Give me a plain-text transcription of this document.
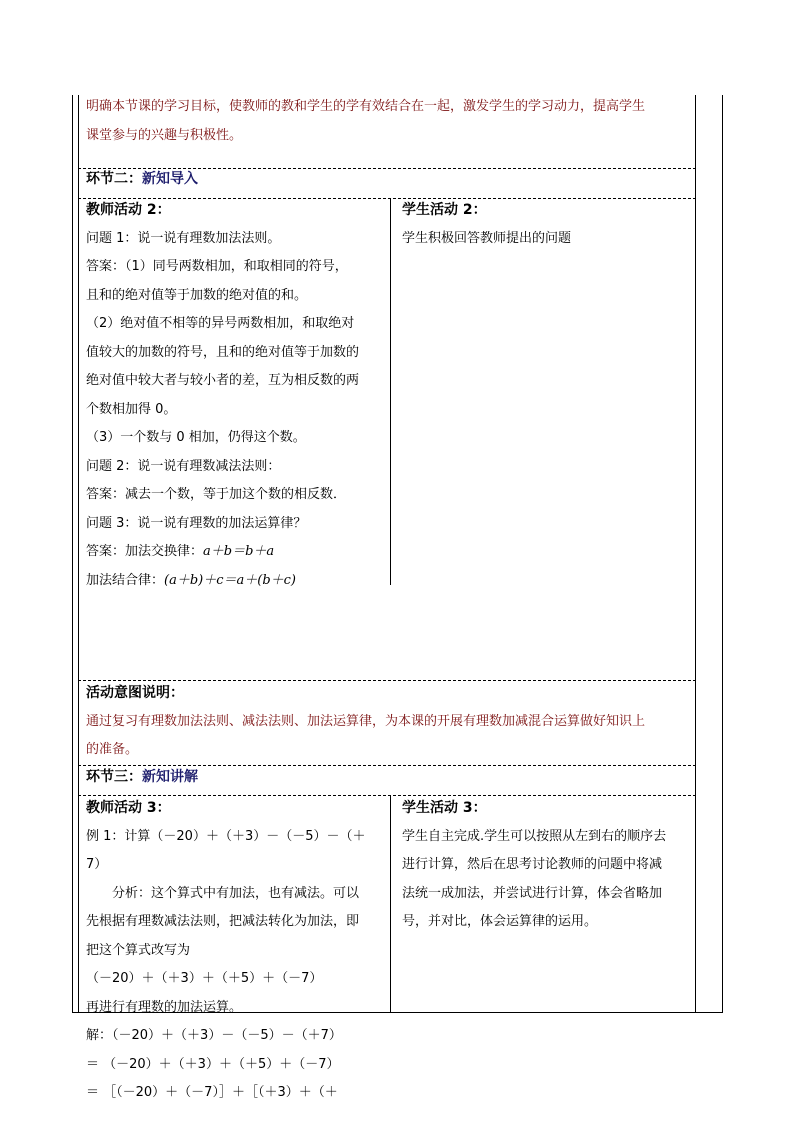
明确本节课的学习目标，使教师的教和学生的学有效结合在一起，激发学生的学习动力，提高学生
课堂参与的兴趣与积极性。
环节二：新知导入
教师活动 2：
问题 1：说一说有理数加法法则。
答案：（1）同号两数相加，和取相同的符号，
且和的绝对值等于加数的绝对值的和。
（2）绝对值不相等的异号两数相加，和取绝对
值较大的加数的符号，且和的绝对值等于加数的
绝对值中较大者与较小者的差，互为相反数的两
个数相加得 0。
（3）一个数与 0 相加，仍得这个数。
问题 2：说一说有理数减法法则：
答案：减去一个数，等于加这个数的相反数．
问题 3：说一说有理数的加法运算律？
答案：加法交换律：a＋b＝b＋a
加法结合律：(a＋b)＋c＝a＋(b＋c)
学生活动 2：
学生积极回答教师提出的问题
活动意图说明：
通过复习有理数加法法则、减法法则、加法运算律，为本课的开展有理数加减混合运算做好知识上
的准备。
环节三：新知讲解
教师活动 3：
例 1：计算（－20）＋（＋3）－（－5）－（＋
7）
　　分析：这个算式中有加法，也有减法。可以
先根据有理数减法法则，把减法转化为加法，即
把这个算式改写为
（－20）＋（＋3）＋（＋5）＋（－7）
再进行有理数的加法运算。
解：（－20）＋（＋3）－（－5）－（＋7）
＝ （－20）＋（＋3）＋（＋5）＋（－7）
＝ ［（－20）＋（－7）］＋［（＋3）＋（＋
学生活动 3：
学生自主完成.学生可以按照从左到右的顺序去
进行计算，然后在思考讨论教师的问题中将减
法统一成加法，并尝试进行计算，体会省略加
号，并对比，体会运算律的运用。
